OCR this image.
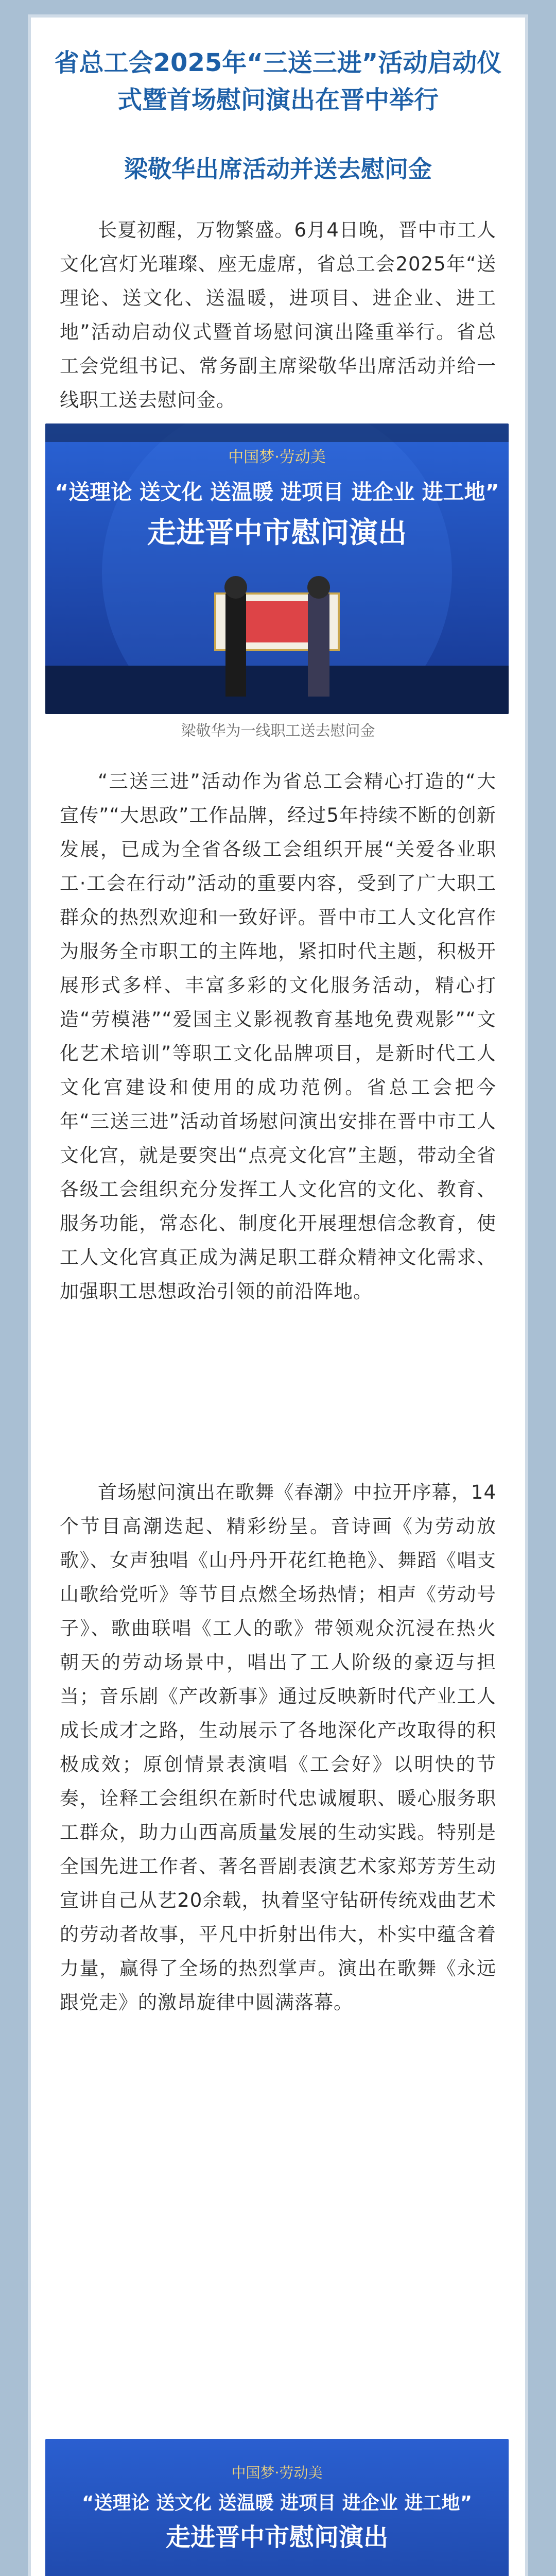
省总工会2025年“三送三进”活动启动仪
式暨首场慰问演出在晋中举行
梁敬华出席活动并送去慰问金

长夏初醒，万物繁盛。6月4日晚，晋中市工人文化宫灯光璀璨、座无虚席，省总工会2025年“送理论、送文化、送温暖，进项目、进企业、进工地”活动启动仪式暨首场慰问演出隆重举行。省总工会党组书记、常务副主席梁敬华出席活动并给一线职工送去慰问金。

中国梦·劳动美
“送理论 送文化 送温暖 进项目 进企业 进工地”
走进晋中市慰问演出
梁敬华为一线职工送去慰问金

“三送三进”活动作为省总工会精心打造的“大宣传”“大思政”工作品牌，经过5年持续不断的创新发展，已成为全省各级工会组织开展“关爱各业职工·工会在行动”活动的重要内容，受到了广大职工群众的热烈欢迎和一致好评。晋中市工人文化宫作为服务全市职工的主阵地，紧扣时代主题，积极开展形式多样、丰富多彩的文化服务活动，精心打造“劳模港”“爱国主义影视教育基地免费观影”“文化艺术培训”等职工文化品牌项目，是新时代工人文化宫建设和使用的成功范例。省总工会把今年“三送三进”活动首场慰问演出安排在晋中市工人文化宫，就是要突出“点亮文化宫”主题，带动全省各级工会组织充分发挥工人文化宫的文化、教育、服务功能，常态化、制度化开展理想信念教育，使工人文化宫真正成为满足职工群众精神文化需求、加强职工思想政治引领的前沿阵地。

首场慰问演出在歌舞《春潮》中拉开序幕，14个节目高潮迭起、精彩纷呈。音诗画《为劳动放歌》、女声独唱《山丹丹开花红艳艳》、舞蹈《唱支山歌给党听》等节目点燃全场热情；相声《劳动号子》、歌曲联唱《工人的歌》带领观众沉浸在热火朝天的劳动场景中，唱出了工人阶级的豪迈与担当；音乐剧《产改新事》通过反映新时代产业工人成长成才之路，生动展示了各地深化产改取得的积极成效；原创情景表演唱《工会好》以明快的节奏，诠释工会组织在新时代忠诚履职、暖心服务职工群众，助力山西高质量发展的生动实践。特别是全国先进工作者、著名晋剧表演艺术家郑芳芳生动宣讲自己从艺20余载，执着坚守钻研传统戏曲艺术的劳动者故事，平凡中折射出伟大，朴实中蕴含着力量，赢得了全场的热烈掌声。演出在歌舞《永远跟党走》的激昂旋律中圆满落幕。

中国梦·劳动美
“送理论 送文化 送温暖 进项目 进企业 进工地”
走进晋中市慰问演出
